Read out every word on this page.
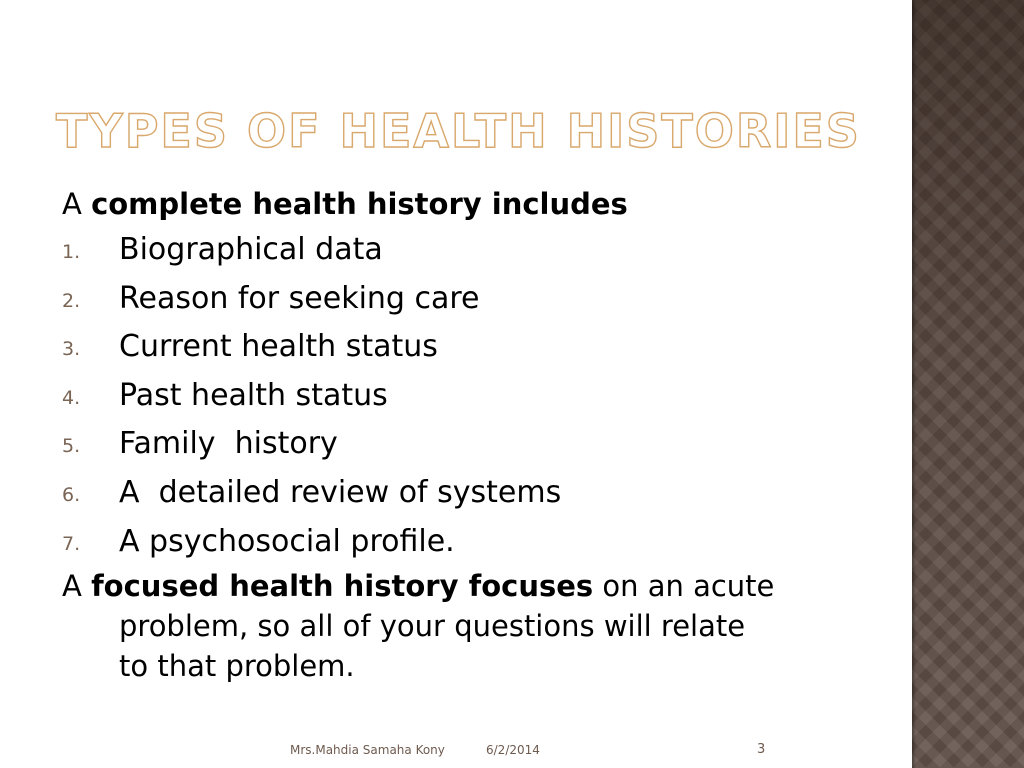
TYPES OF HEALTH HISTORIES
A complete health history includes
1. Biographical data
2. Reason for seeking care
3. Current health status
4. Past health status
5. Family  history
6. A  detailed review of systems
7. A psychosocial profile.
A focused health history focuses on an acute
problem, so all of your questions will relate
to that problem.
Mrs.Mahdia Samaha Kony	6/2/2014	3
